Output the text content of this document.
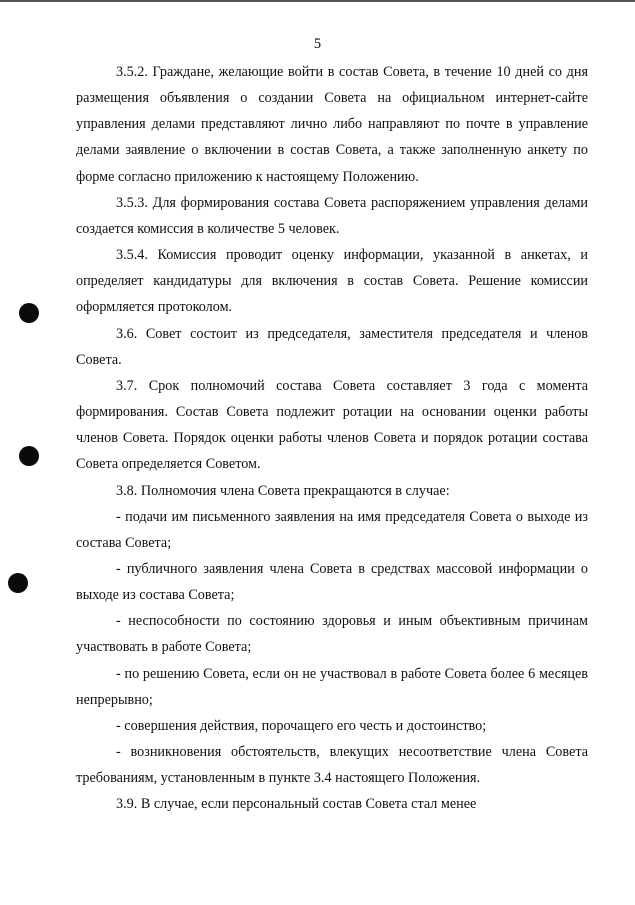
5

3.5.2. Граждане, желающие войти в состав Совета, в течение 10 дней со дня размещения объявления о создании Совета на официальном интернет-сайте управления делами представляют лично либо направляют по почте в управление делами заявление о включении в состав Совета, а также заполненную анкету по форме согласно приложению к настоящему Положению.

3.5.3. Для формирования состава Совета распоряжением управления делами создается комиссия в количестве 5 человек.

3.5.4. Комиссия проводит оценку информации, указанной в анкетах, и определяет кандидатуры для включения в состав Совета. Решение комиссии оформляется протоколом.

3.6. Совет состоит из председателя, заместителя председателя и членов Совета.

3.7. Срок полномочий состава Совета составляет 3 года с момента формирования. Состав Совета подлежит ротации на основании оценки работы членов Совета. Порядок оценки работы членов Совета и порядок ротации состава Совета определяется Советом.

3.8. Полномочия члена Совета прекращаются в случае:

- подачи им письменного заявления на имя председателя Совета о выходе из состава Совета;

- публичного заявления члена Совета в средствах массовой информации о выходе из состава Совета;

- неспособности по состоянию здоровья и иным объективным причинам участвовать в работе Совета;

- по решению Совета, если он не участвовал в работе Совета более 6 месяцев непрерывно;

- совершения действия, порочащего его честь и достоинство;

- возникновения обстоятельств, влекущих несоответствие члена Совета требованиям, установленным в пункте 3.4 настоящего Положения.

3.9. В случае, если персональный состав Совета стал менее
